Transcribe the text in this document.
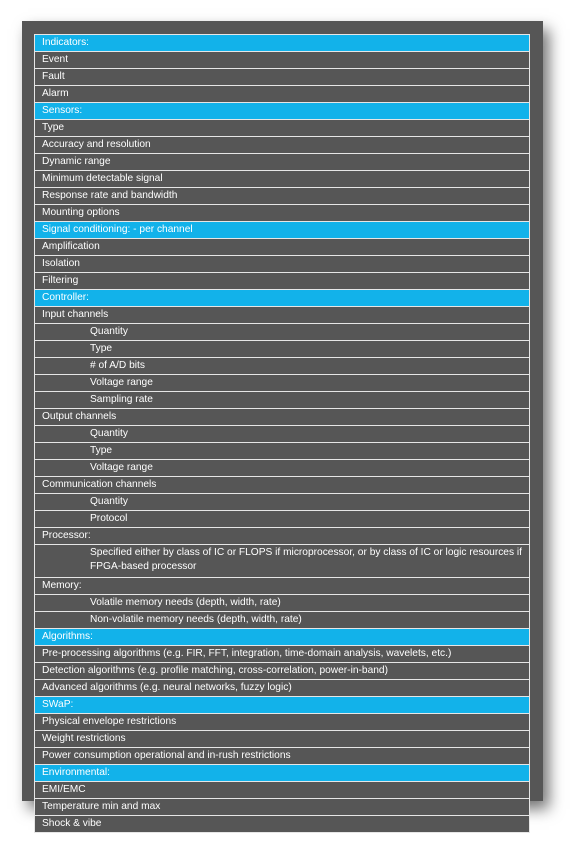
Indicators:
Event
Fault
Alarm
Sensors:
Type
Accuracy and resolution
Dynamic range
Minimum detectable signal
Response rate and bandwidth
Mounting options
Signal conditioning: - per channel
Amplification
Isolation
Filtering
Controller:
Input channels
Quantity
Type
# of A/D bits
Voltage range
Sampling rate
Output channels
Quantity
Type
Voltage range
Communication channels
Quantity
Protocol
Processor:
Specified either by class of IC or FLOPS if microprocessor, or by class of IC or logic resources if FPGA-based processor
Memory:
Volatile memory needs (depth, width, rate)
Non-volatile memory needs (depth, width, rate)
Algorithms:
Pre-processing algorithms (e.g. FIR, FFT, integration, time-domain analysis, wavelets, etc.)
Detection algorithms (e.g. profile matching, cross-correlation, power-in-band)
Advanced algorithms (e.g. neural networks, fuzzy logic)
SWaP:
Physical envelope restrictions
Weight restrictions
Power consumption operational and in-rush restrictions
Environmental:
EMI/EMC
Temperature min and max
Shock & vibe
